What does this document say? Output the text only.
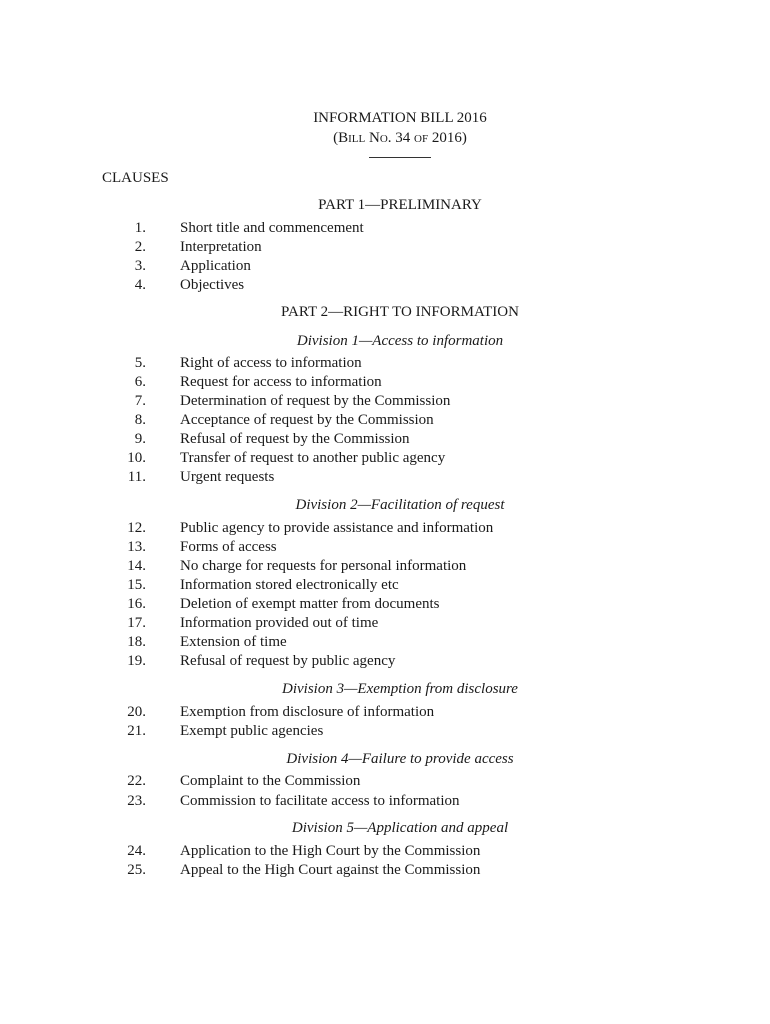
INFORMATION BILL 2016
(Bill No. 34 of 2016)
CLAUSES
PART 1—PRELIMINARY
1. Short title and commencement
2. Interpretation
3. Application
4. Objectives
PART 2—RIGHT TO INFORMATION
Division 1—Access to information
5. Right of access to information
6. Request for access to information
7. Determination of request by the Commission
8. Acceptance of request by the Commission
9. Refusal of request by the Commission
10. Transfer of request to another public agency
11. Urgent requests
Division 2—Facilitation of request
12. Public agency to provide assistance and information
13. Forms of access
14. No charge for requests for personal information
15. Information stored electronically etc
16. Deletion of exempt matter from documents
17. Information provided out of time
18. Extension of time
19. Refusal of request by public agency
Division 3—Exemption from disclosure
20. Exemption from disclosure of information
21. Exempt public agencies
Division 4—Failure to provide access
22. Complaint to the Commission
23. Commission to facilitate access to information
Division 5—Application and appeal
24. Application to the High Court by the Commission
25. Appeal to the High Court against the Commission
